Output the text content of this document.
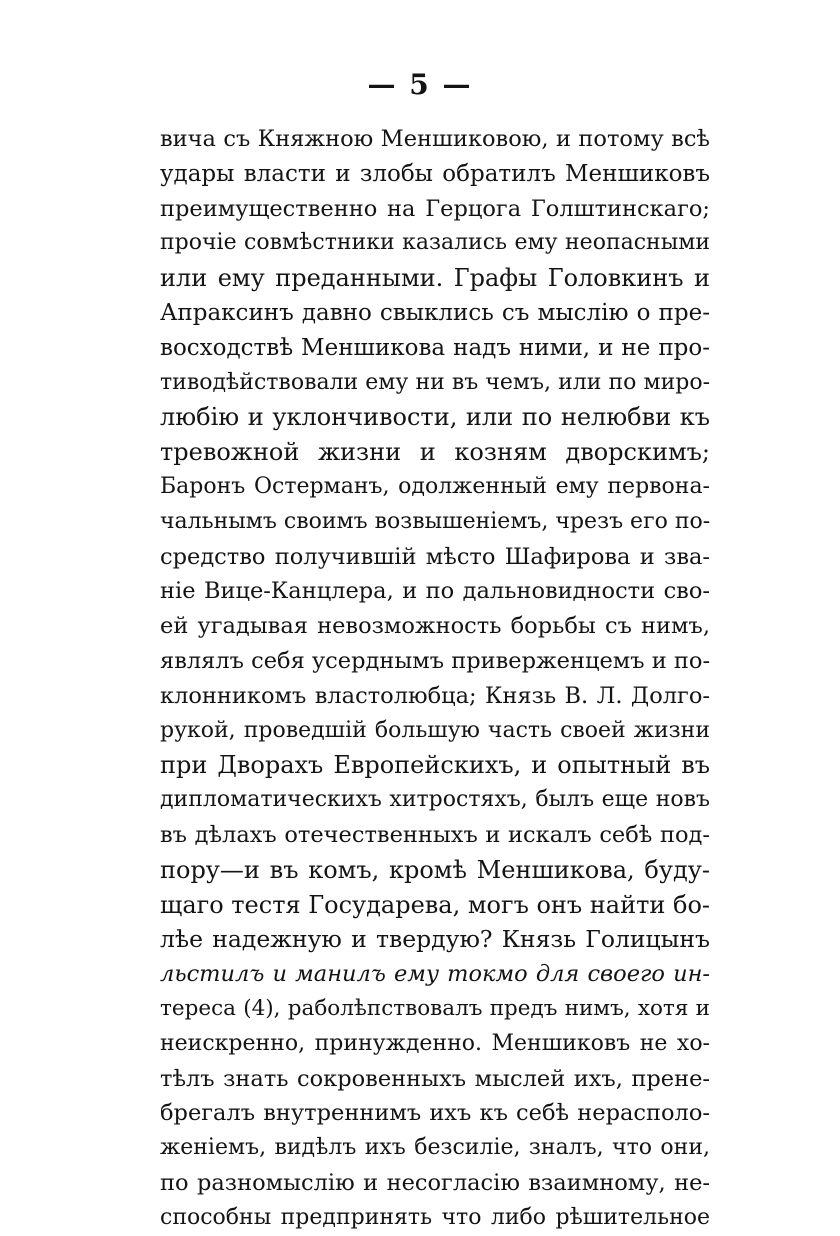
— 5 —
вича съ Княжною Меншиковою, и потому всѣ
удары власти и злобы обратилъ Меншиковъ
преимущественно на Герцога Голштинскаго;
прочіе совмѣстники казались ему неопасными
или ему преданными. Графы Головкинъ и
Апраксинъ давно свыклись съ мыслію о пре-
восходствѣ Меншикова надъ ними, и не про-
тиводѣйствовали ему ни въ чемъ, или по миро-
любію и уклончивости, или по нелюбви къ
тревожной жизни и козням дворскимъ;
Баронъ Остерманъ, одолженный ему первона-
чальнымъ своимъ возвышеніемъ, чрезъ его по-
средство получившій мѣсто Шафирова и зва-
ніе Вице-Канцлера, и по дальновидности сво-
ей угадывая невозможность борьбы съ нимъ,
являлъ себя усерднымъ приверженцемъ и по-
клонникомъ властолюбца; Князь В. Л. Долго-
рукой, проведшій большую часть своей жизни
при Дворахъ Европейскихъ, и опытный въ
дипломатическихъ хитростяхъ, былъ еще новъ
въ дѣлахъ отечественныхъ и искалъ себѣ под-
пору—и въ комъ, кромѣ Меншикова, буду-
щаго тестя Государева, могъ онъ найти бо-
лѣе надежную и твердую? Князь Голицынъ
льстилъ и манилъ ему токмо для своего ин-
тереса (4), раболѣпствовалъ предъ нимъ, хотя и
неискренно, принужденно. Меншиковъ не хо-
тѣлъ знать сокровенныхъ мыслей ихъ, прене-
брегалъ внутреннимъ ихъ къ себѣ нерасполо-
женіемъ, видѣлъ ихъ безсиліе, зналъ, что они,
по разномыслію и несогласію взаимному, не-
способны предпринять что либо рѣшительное
